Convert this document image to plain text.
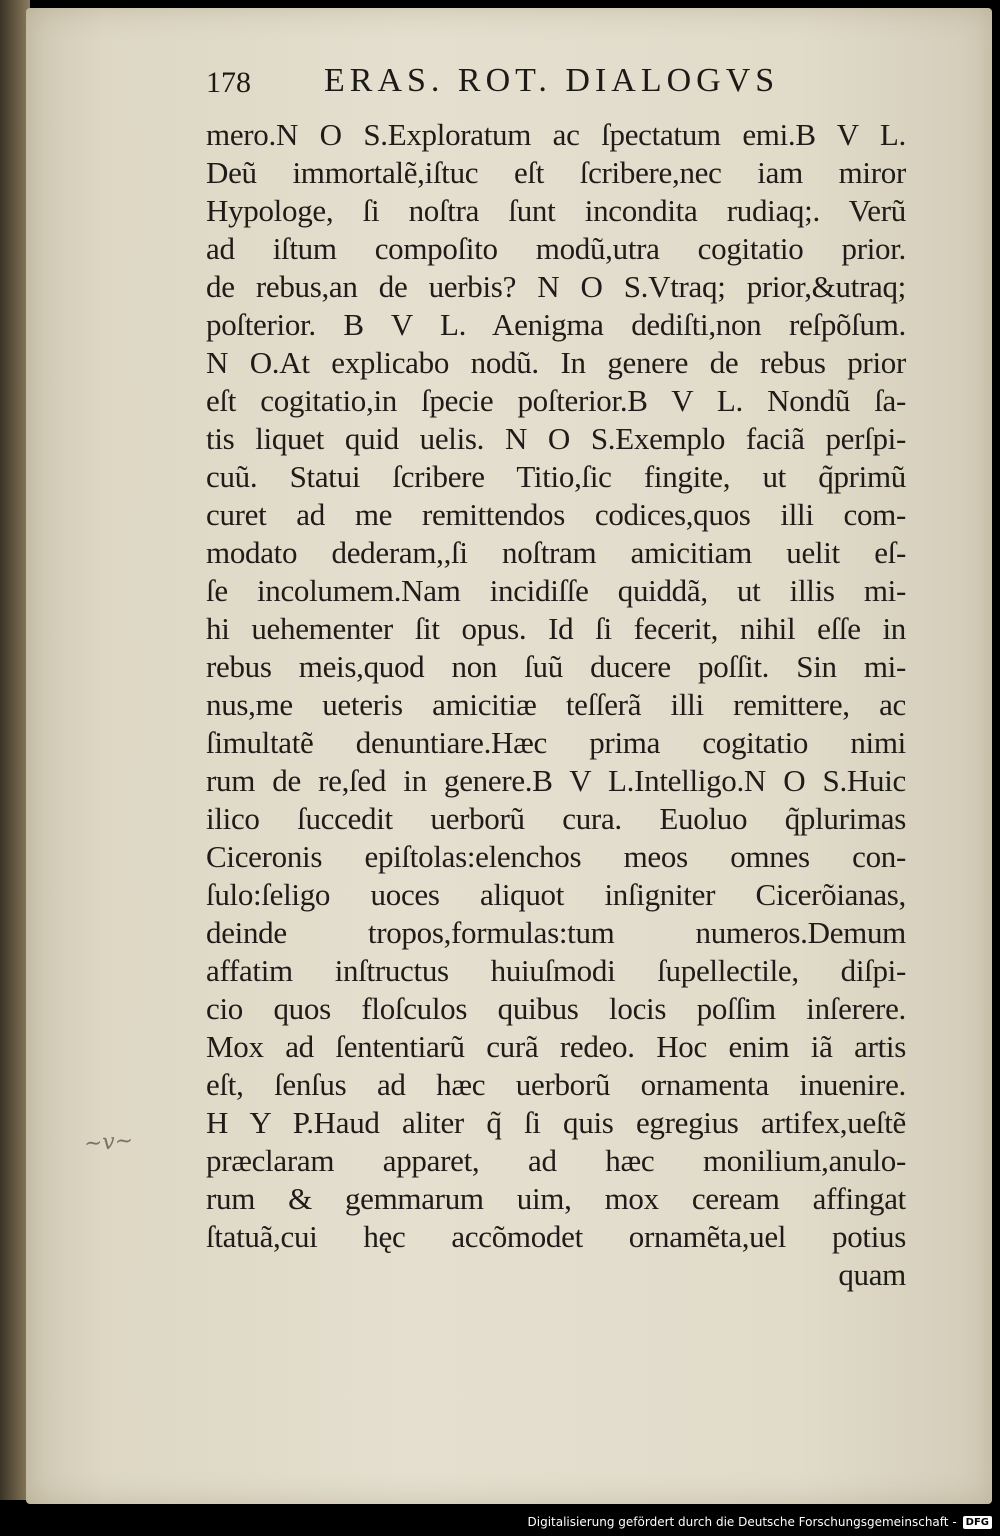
178 ERAS. ROT. DIALOGVS
mero.N O S.Exploratum ac ſpectatum emi.B V L.
Deũ immortalẽ,iſtuc eſt ſcribere,nec iam miror
Hypologe, ſi noſtra ſunt incondita rudiaq;. Verũ
ad iſtum compoſito modũ,utra cogitatio prior.
de rebus,an de uerbis? N O S.Vtraq; prior,&utraq;
poſterior. B V L. Aenigma dediſti,non reſpõſum.
N O.At explicabo nodũ. In genere de rebus prior
eſt cogitatio,in ſpecie poſterior.B V L. Nondũ ſa-
tis liquet quid uelis. N O S.Exemplo faciã perſpi-
cuũ. Statui ſcribere Titio,ſic fingite, ut q̃primũ
curet ad me remittendos codices,quos illi com-
modato dederam,,ſi noſtram amicitiam uelit eſ-
ſe incolumem.Nam incidiſſe quiddã, ut illis mi-
hi uehementer ſit opus. Id ſi fecerit, nihil eſſe in
rebus meis,quod non ſuũ ducere poſſit. Sin mi-
nus,me ueteris amicitiæ teſſerã illi remittere, ac
ſimultatẽ denuntiare.Hæc prima cogitatio nimi
rum de re,ſed in genere.B V L.Intelligo.N O S.Huic
ilico ſuccedit uerborũ cura. Euoluo q̃plurimas
Ciceronis epiſtolas:elenchos meos omnes con-
ſulo:ſeligo uoces aliquot inſigniter Cicerõianas,
deinde tropos,formulas:tum numeros.Demum
affatim inſtructus huiuſmodi ſupellectile, diſpi-
cio quos floſculos quibus locis poſſim inſerere.
Mox ad ſententiarũ curã redeo. Hoc enim iã artis
eſt, ſenſus ad hæc uerborũ ornamenta inuenire.
H Y P.Haud aliter q̃ ſi quis egregius artifex,ueſtẽ
præclaram apparet, ad hæc monilium,anulo-
rum & gemmarum uim, mox ceream affingat
ſtatuã,cui hęc accõmodet ornamẽta,uel potius
quam
~v~
Digitalisierung gefördert durch die Deutsche Forschungsgemeinschaft - DFG
